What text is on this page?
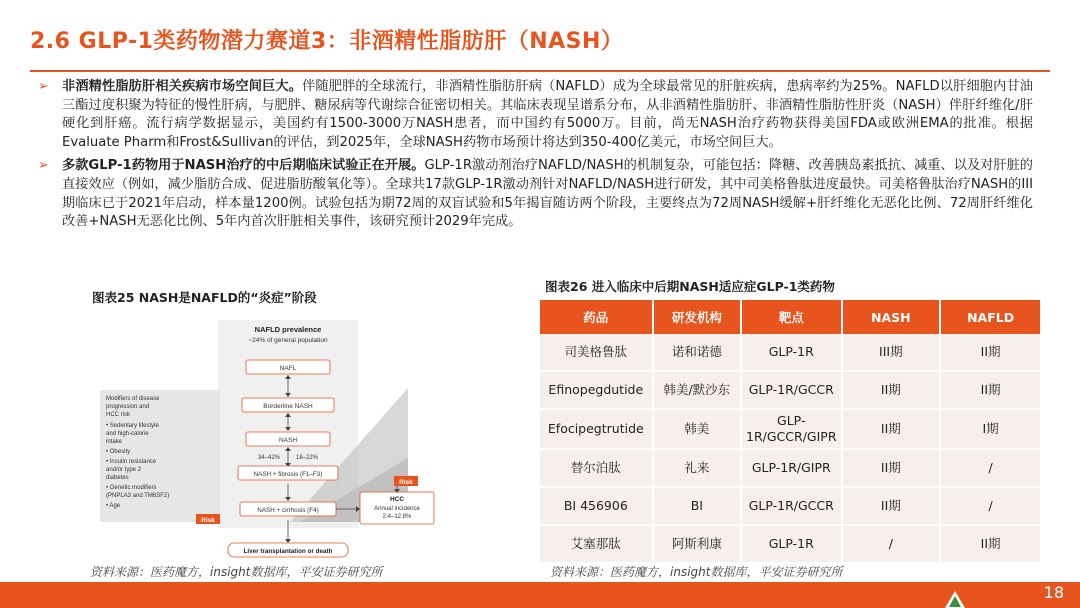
2.6 GLP-1类药物潜力赛道3：非酒精性脂肪肝（NASH）
➢ 非酒精性脂肪肝相关疾病市场空间巨大。伴随肥胖的全球流行，非酒精性脂肪肝病（NAFLD）成为全球最常见的肝脏疾病，患病率约为25%。NAFLD以肝细胞内甘油三酯过度积聚为特征的慢性肝病，与肥胖、糖尿病等代谢综合征密切相关。其临床表现呈谱系分布，从非酒精性脂肪肝、非酒精性脂肪性肝炎（NASH）伴肝纤维化/肝硬化到肝癌。流行病学数据显示，美国约有1500-3000万NASH患者，而中国约有5000万。目前，尚无NASH治疗药物获得美国FDA或欧洲EMA的批准。根据Evaluate Pharm和Frost&Sullivan的评估，到2025年，全球NASH药物市场预计将达到350-400亿美元，市场空间巨大。
➢ 多款GLP-1药物用于NASH治疗的中后期临床试验正在开展。GLP-1R激动剂治疗NAFLD/NASH的机制复杂，可能包括：降糖、改善胰岛素抵抗、减重、以及对肝脏的直接效应（例如，减少脂肪合成、促进脂肪酸氧化等）。全球共17款GLP-1R激动剂针对NAFLD/NASH进行研发，其中司美格鲁肽进度最快。司美格鲁肽治疗NASH的III期临床已于2021年启动，样本量1200例。试验包括为期72周的双盲试验和5年揭盲随访两个阶段，主要终点为72周NASH缓解+肝纤维化无恶化比例、72周肝纤维化改善+NASH无恶化比例、5年内首次肝脏相关事件，该研究预计2029年完成。
图表25 NASH是NAFLD的“炎症”阶段
NAFLD prevalence
~24% of general population
NAFL
Borderline NASH
NASH
34–42%	18–22%
NASH + fibrosis (F1–F3)
NASH + cirrhosis (F4)
HCC
Annual incidence
2.4–12.8%
Risk
Risk
Modifiers of disease progression and HCC risk • Sedentary lifestyle and high-calorie intake • Obesity • Insulin resistance and/or type 2 diabetes • Genetic modifiers (PNPLA3 and TM6SF2) • Age
Liver transplantation or death
资料来源：医药魔方，insight数据库，平安证券研究所
图表26 进入临床中后期NASH适应症GLP-1类药物
药品	研发机构	靶点	NASH	NAFLD
司美格鲁肽	诺和诺德	GLP-1R	III期	II期
Efinopegdutide	韩美/默沙东	GLP-1R/GCCR	II期	II期
Efocipegtrutide	韩美	GLP-1R/GCCR/GIPR	II期	I期
替尔泊肽	礼来	GLP-1R/GIPR	II期	/
BI 456906	BI	GLP-1R/GCCR	II期	/
艾塞那肽	阿斯利康	GLP-1R	/	II期
资料来源：医药魔方，insight数据库，平安证券研究所
18
